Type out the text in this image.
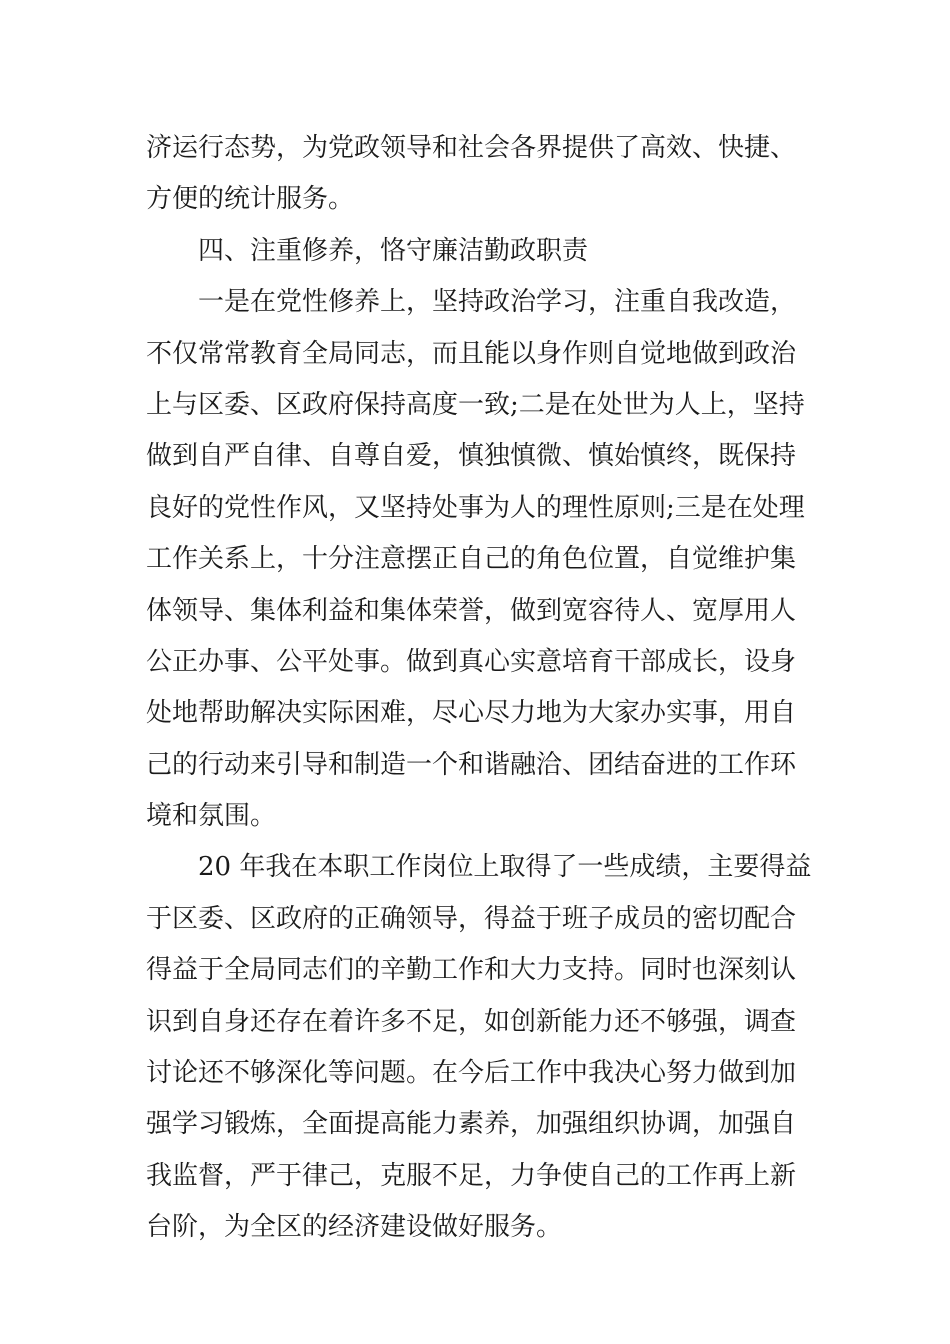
济运行态势，为党政领导和社会各界提供了高效、快捷、
方便的统计服务。
四、注重修养，恪守廉洁勤政职责
一是在党性修养上，坚持政治学习，注重自我改造，
不仅常常教育全局同志，而且能以身作则自觉地做到政治
上与区委、区政府保持高度一致;二是在处世为人上，坚持
做到自严自律、自尊自爱，慎独慎微、慎始慎终，既保持
良好的党性作风，又坚持处事为人的理性原则;三是在处理
工作关系上，十分注意摆正自己的角色位置，自觉维护集
体领导、集体利益和集体荣誉，做到宽容待人、宽厚用人
公正办事、公平处事。做到真心实意培育干部成长，设身
处地帮助解决实际困难，尽心尽力地为大家办实事，用自
己的行动来引导和制造一个和谐融洽、团结奋进的工作环
境和氛围。
20 年我在本职工作岗位上取得了一些成绩，主要得益
于区委、区政府的正确领导，得益于班子成员的密切配合
得益于全局同志们的辛勤工作和大力支持。同时也深刻认
识到自身还存在着许多不足，如创新能力还不够强，调查
讨论还不够深化等问题。在今后工作中我决心努力做到加
强学习锻炼，全面提高能力素养，加强组织协调，加强自
我监督，严于律己，克服不足，力争使自己的工作再上新
台阶，为全区的经济建设做好服务。
